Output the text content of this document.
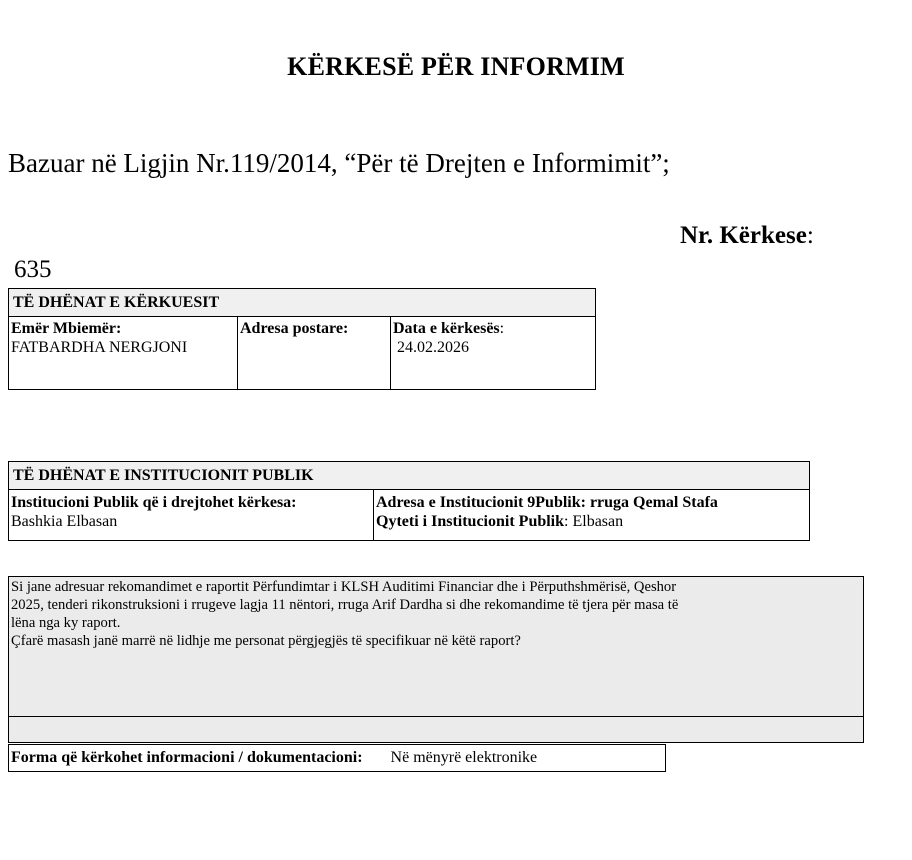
KËRKESË PËR INFORMIM
Bazuar në Ligjin Nr.119/2014, “Për të Drejten e Informimit”;
Nr. Kërkese:
635
TË DHËNAT E KËRKUESIT
Emër Mbiemër:
FATBARDHA NERGJONI
Adresa postare:	Data e kërkesës:
24.02.2026
TË DHËNAT E INSTITUCIONIT PUBLIK
Institucioni Publik që i drejtohet kërkesa:
Bashkia Elbasan
Adresa e Institucionit 9Publik: rruga Qemal Stafa
Qyteti i Institucionit Publik: Elbasan

Si jane adresuar rekomandimet e raportit Përfundimtar i KLSH Auditimi Financiar dhe i Përputhshmërisë, Qeshor

2025, tenderi rikonstruksioni i rrugeve lagja 11 nëntori, rruga Arif Dardha si dhe rekomandime të tjera për masa të

lëna nga ky raport.

Çfarë masash janë marrë në lidhje me personat përgjegjës të specifikuar në këtë raport?

Forma që kërkohet informacioni / dokumentacioni: Në mënyrë elektronike
